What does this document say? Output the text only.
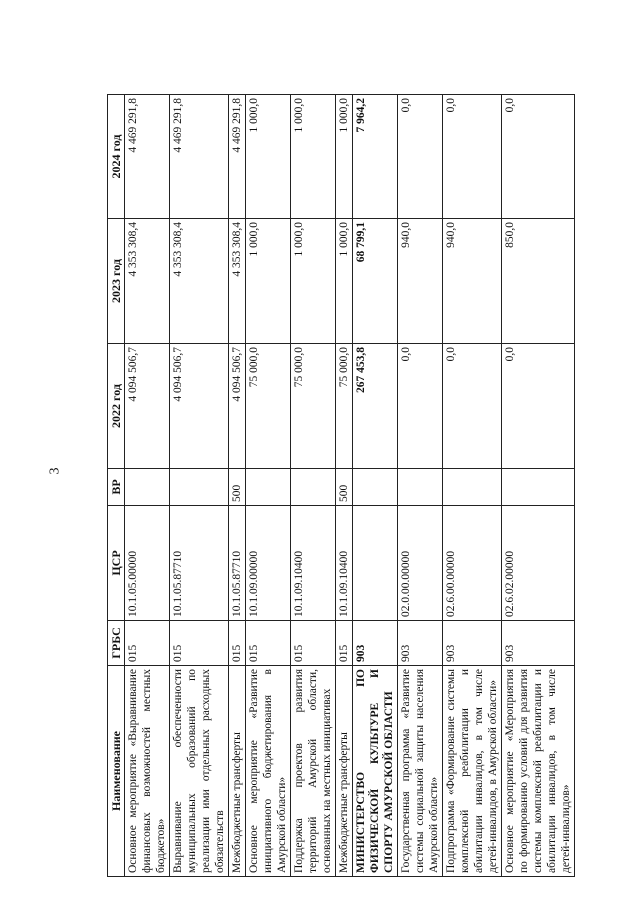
3
Наименование	ГРБС	ЦСР	ВР	2022 год	2023 год	2024 год
Основное мероприятие «Выравнивание финансовых возможностей местных бюджетов»	015	10.1.05.00000		4 094 506,7	4 353 308,4	4 469 291,8
Выравнивание обеспеченности муниципальных образований по реализации ими отдельных расходных обязательств	015	10.1.05.87710		4 094 506,7	4 353 308,4	4 469 291,8
Межбюджетные трансферты	015	10.1.05.87710	500	4 094 506,7	4 353 308,4	4 469 291,8
Основное мероприятие «Развитие инициативного бюджетирования в Амурской области»	015	10.1.09.00000		75 000,0	1 000,0	1 000,0
Поддержка проектов развития территорий Амурской области, основанных на местных инициативах	015	10.1.09.10400		75 000,0	1 000,0	1 000,0
Межбюджетные трансферты	015	10.1.09.10400	500	75 000,0	1 000,0	1 000,0
МИНИСТЕРСТВО ПО ФИЗИЧЕСКОЙ КУЛЬТУРЕ И СПОРТУ АМУРСКОЙ ОБЛАСТИ	903			267 453,8	68 799,1	7 964,2
Государственная программа «Развитие системы социальной защиты населения Амурской области»	903	02.0.00.00000		0,0	940,0	0,0
Подпрограмма «Формирование системы комплексной реабилитации и абилитации инвалидов, в том числе детей-инвалидов, в Амурской области»	903	02.6.00.00000		0,0	940,0	0,0
Основное мероприятие «Мероприятия по формированию условий для развития системы комплексной реабилитации и абилитации инвалидов, в том числе детей-инвалидов»	903	02.6.02.00000		0,0	850,0	0,0
